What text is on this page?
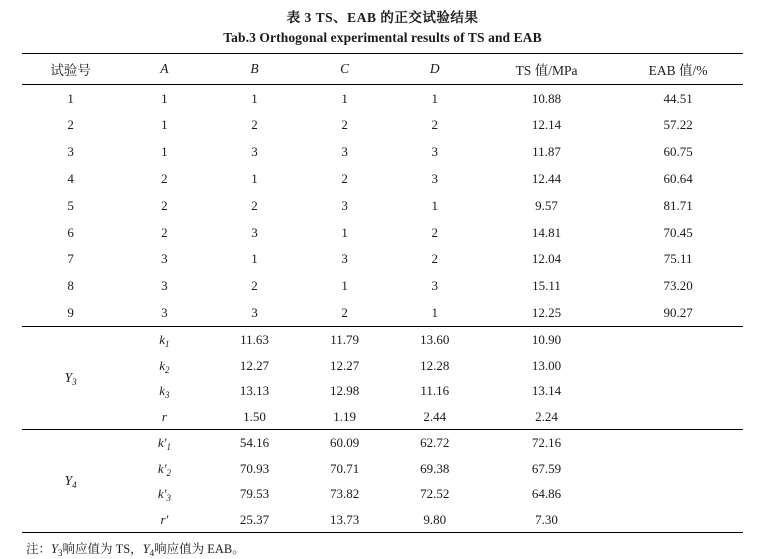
表 3 TS、EAB 的正交试验结果
Tab.3 Orthogonal experimental results of TS and EAB
试验号	A	B	C	D	TS 值/MPa	EAB 值/%

1	1	1	1	1	10.88	44.51
2	1	2	2	2	12.14	57.22
3	1	3	3	3	11.87	60.75
4	2	1	2	3	12.44	60.64
5	2	2	3	1	9.57	81.71
6	2	3	1	2	14.81	70.45
7	3	1	3	2	12.04	75.11
8	3	2	1	3	15.11	73.20
9	3	3	2	1	12.25	90.27
$Y_3$	$k_1$	11.63	11.79	13.60	10.90	
	$k_2$	12.27	12.27	12.28	13.00	
	$k_3$	13.13	12.98	11.16	13.14	
	r	1.50	1.19	2.44	2.24	
$Y_4$	$k'_1$	54.16	60.09	62.72	72.16	
	$k'_2$	70.93	70.71	69.38	67.59	
	$k'_3$	79.53	73.82	72.52	64.86	
	r′	25.37	13.73	9.80	7.30	

注：$Y_3$响应值为 TS，$Y_4$响应值为 EAB。
